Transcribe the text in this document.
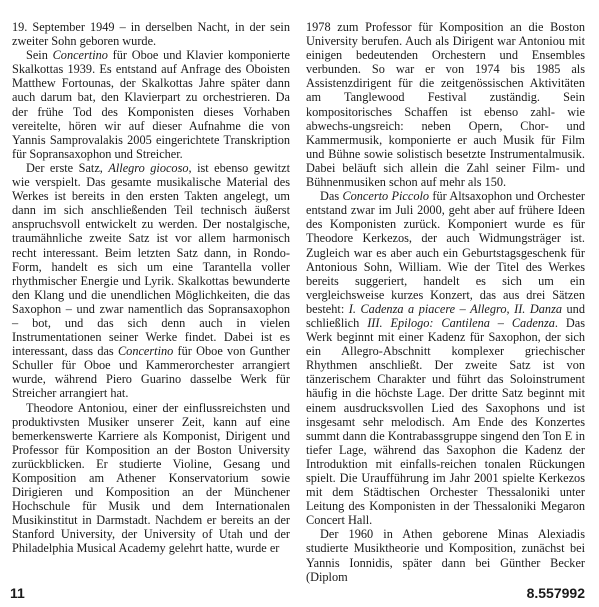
19. September 1949 – in derselben Nacht, in der sein zweiter Sohn geboren wurde.

Sein Concertino für Oboe und Klavier komponierte Skalkottas 1939. Es entstand auf Anfrage des Oboisten Matthew Fortounas, der Skalkottas Jahre später dann auch darum bat, den Klavierpart zu orchestrieren. Da der frühe Tod des Komponisten dieses Vorhaben vereitelte, hören wir auf dieser Aufnahme die von Yannis Samprovalakis 2005 eingerichtete Transkription für Sopransaxophon und Streicher.

Der erste Satz, Allegro giocoso, ist ebenso gewitzt wie verspielt. Das gesamte musikalische Material des Werkes ist bereits in den ersten Takten angelegt, um dann im sich anschließenden Teil technisch äußerst anspruchsvoll entwickelt zu werden. Der nostalgische, traumähnliche zweite Satz ist vor allem harmonisch recht interessant. Beim letzten Satz dann, in Rondo-Form, handelt es sich um eine Tarantella voller rhythmischer Energie und Lyrik. Skalkottas bewunderte den Klang und die unendlichen Möglichkeiten, die das Saxophon – und zwar namentlich das Sopransaxophon – bot, und das sich denn auch in vielen Instrumentationen seiner Werke findet. Dabei ist es interessant, dass das Concertino für Oboe von Gunther Schuller für Oboe und Kammerorchester arrangiert wurde, während Piero Guarino dasselbe Werk für Streicher arrangiert hat.

Theodore Antoniou, einer der einflussreichsten und produktivsten Musiker unserer Zeit, kann auf eine bemerkenswerte Karriere als Komponist, Dirigent und Professor für Komposition an der Boston University zurückblicken. Er studierte Violine, Gesang und Komposition am Athener Konservatorium sowie Dirigieren und Komposition an der Münchener Hochschule für Musik und dem Internationalen Musikinstitut in Darmstadt. Nachdem er bereits an der Stanford University, der University of Utah und der Philadelphia Musical Academy gelehrt hatte, wurde er

1978 zum Professor für Komposition an die Boston University berufen. Auch als Dirigent war Antoniou mit einigen bedeutenden Orchestern und Ensembles verbunden. So war er von 1974 bis 1985 als Assistenzdirigent für die zeitgenössischen Aktivitäten am Tanglewood Festival zuständig. Sein kompositorisches Schaffen ist ebenso zahl- wie abwechs-ungsreich: neben Opern, Chor- und Kammermusik, komponierte er auch Musik für Film und Bühne sowie solistisch besetzte Instrumentalmusik. Dabei beläuft sich allein die Zahl seiner Film- und Bühnenmusiken schon auf mehr als 150.

Das Concerto Piccolo für Altsaxophon und Orchester entstand zwar im Juli 2000, geht aber auf frühere Ideen des Komponisten zurück. Komponiert wurde es für Theodore Kerkezos, der auch Widmungsträger ist. Zugleich war es aber auch ein Geburtstagsgeschenk für Antonious Sohn, William. Wie der Titel des Werkes bereits suggeriert, handelt es sich um ein vergleichsweise kurzes Konzert, das aus drei Sätzen besteht: I. Cadenza a piacere – Allegro, II. Danza und schließlich III. Epilogo: Cantilena – Cadenza. Das Werk beginnt mit einer Kadenz für Saxophon, der sich ein Allegro-Abschnitt komplexer griechischer Rhythmen anschließt. Der zweite Satz ist von tänzerischem Charakter und führt das Soloinstrument häufig in die höchste Lage. Der dritte Satz beginnt mit einem ausdrucksvollen Lied des Saxophons und ist insgesamt sehr melodisch. Am Ende des Konzertes summt dann die Kontrabassgruppe singend den Ton E in tiefer Lage, während das Saxophon die Kadenz der Introduktion mit einfalls-reichen tonalen Rückungen spielt. Die Uraufführung im Jahr 2001 spielte Kerkezos mit dem Städtischen Orchester Thessaloniki unter Leitung des Komponisten in der Thessaloniki Megaron Concert Hall.

Der 1960 in Athen geborene Minas Alexiadis studierte Musiktheorie und Komposition, zunächst bei Yannis Ionnidis, später dann bei Günther Becker (Diplom

11	8.557992
